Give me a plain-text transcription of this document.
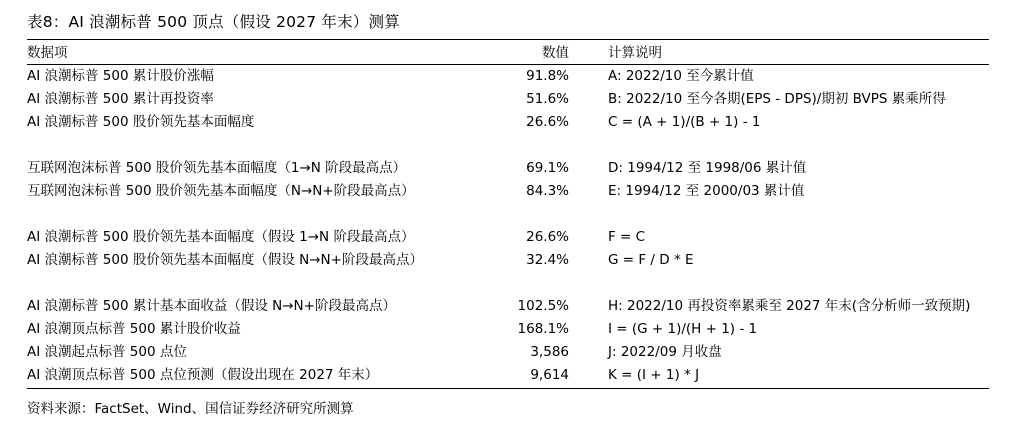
表8：AI 浪潮标普 500 顶点（假设 2027 年末）测算
数据项	数值	计算说明
AI 浪潮标普 500 累计股价涨幅	91.8%	A: 2022/10 至今累计值
AI 浪潮标普 500 累计再投资率	51.6%	B: 2022/10 至今各期(EPS - DPS)/期初 BVPS 累乘所得
AI 浪潮标普 500 股价领先基本面幅度	26.6%	C = (A + 1)/(B + 1) - 1
互联网泡沫标普 500 股价领先基本面幅度（1→N 阶段最高点）	69.1%	D: 1994/12 至 1998/06 累计值
互联网泡沫标普 500 股价领先基本面幅度（N→N+阶段最高点）	84.3%	E: 1994/12 至 2000/03 累计值
AI 浪潮标普 500 股价领先基本面幅度（假设 1→N 阶段最高点）	26.6%	F = C
AI 浪潮标普 500 股价领先基本面幅度（假设 N→N+阶段最高点）	32.4%	G = F / D * E
AI 浪潮标普 500 累计基本面收益（假设 N→N+阶段最高点）	102.5%	H: 2022/10 再投资率累乘至 2027 年末(含分析师一致预期)
AI 浪潮顶点标普 500 累计股价收益	168.1%	I = (G + 1)/(H + 1) - 1
AI 浪潮起点标普 500 点位	3,586	J: 2022/09 月收盘
AI 浪潮顶点标普 500 点位预测（假设出现在 2027 年末）	9,614	K = (I + 1) * J
资料来源：FactSet、Wind、国信证券经济研究所测算
